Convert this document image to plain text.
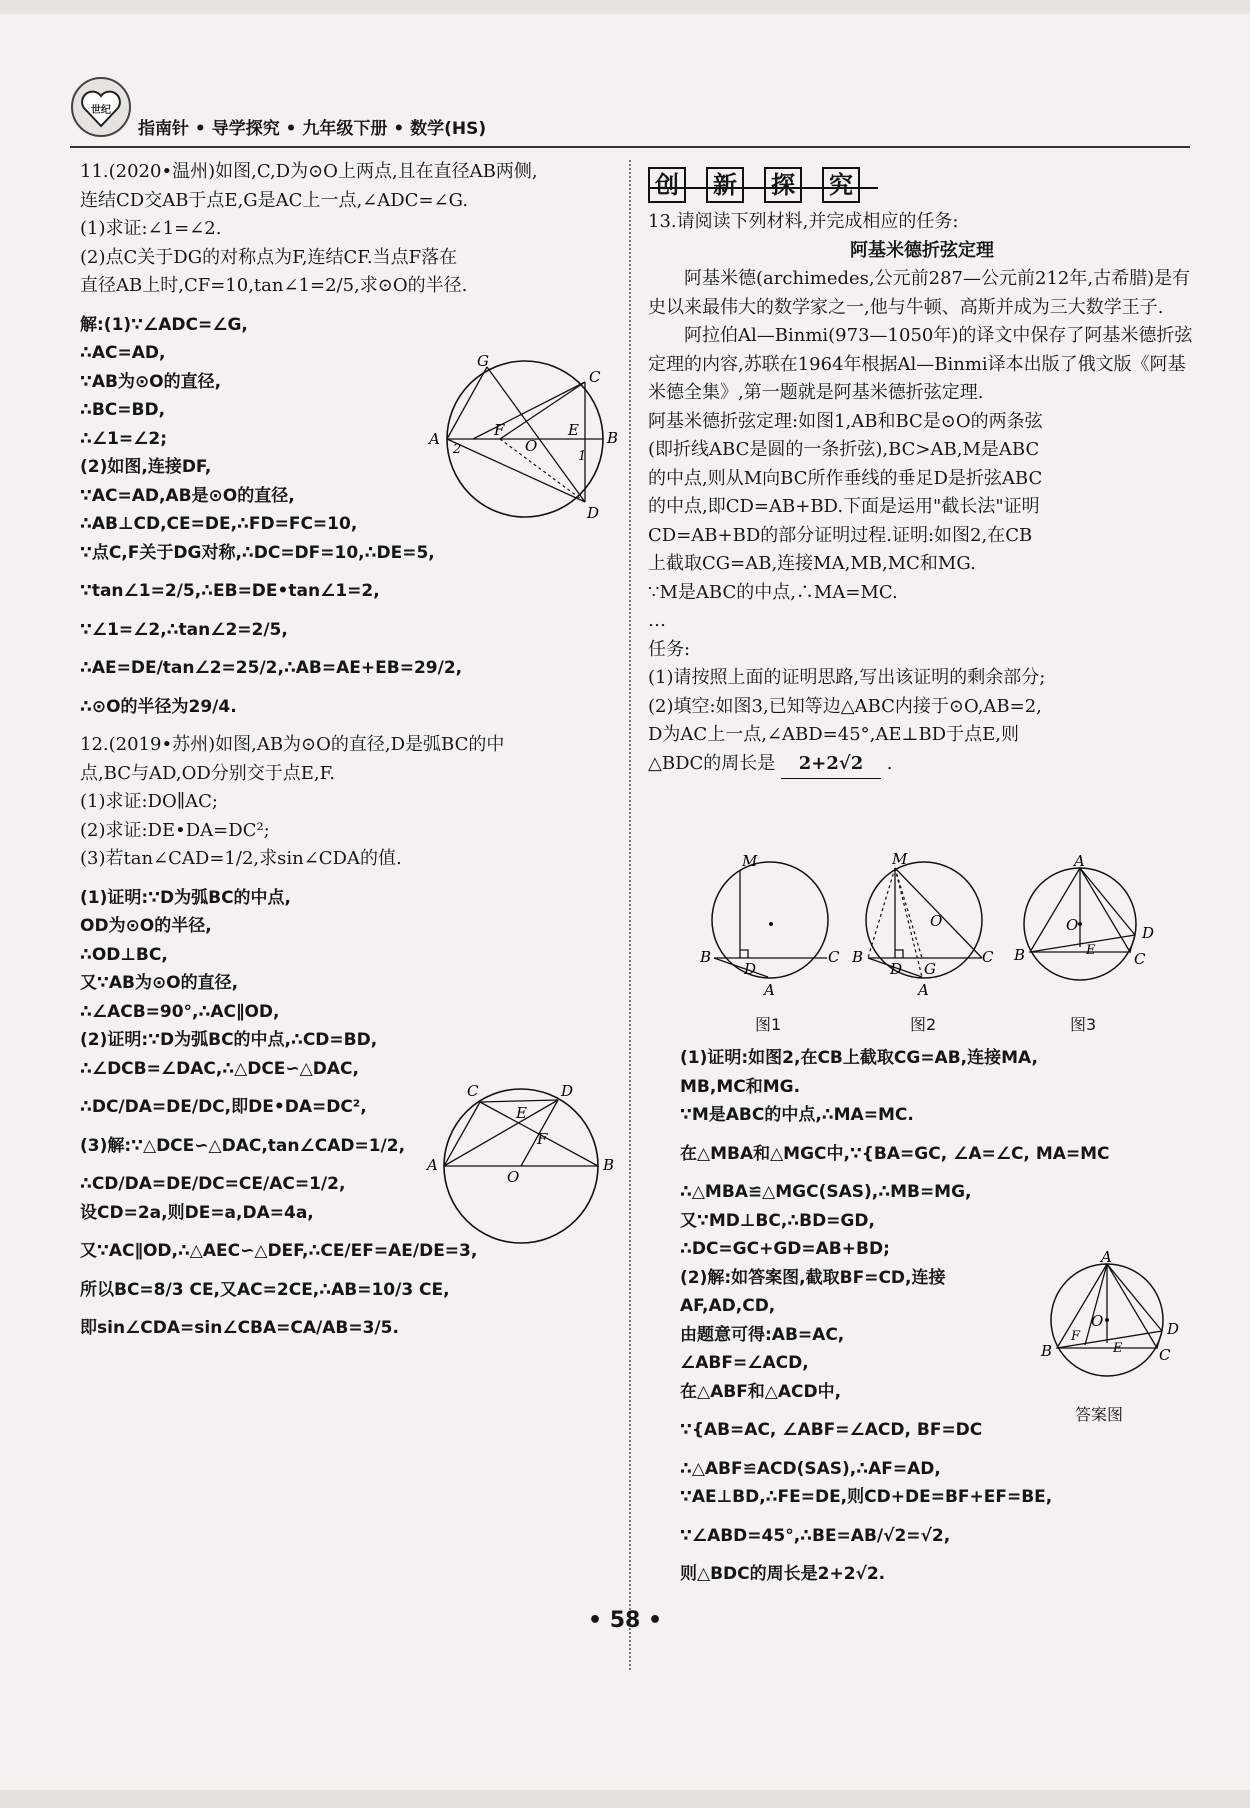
世纪
指南针 • 导学探究 • 九年级下册 • 数学(HS)
11.(2020•温州)如图,C,D为⊙O上两点,且在直径AB两侧,
连结CD交AB于点E,G是AC上一点,∠ADC=∠G.
(1)求证:∠1=∠2.
(2)点C关于DG的对称点为F,连结CF.当点F落在
直径AB上时,CF=10,tan∠1=2/5,求⊙O的半径.
解:(1)∵∠ADC=∠G,
∴AC=AD,
∵AB为⊙O的直径,
∴BC=BD,
∴∠1=∠2;
(2)如图,连接DF,
∵AC=AD,AB是⊙O的直径,
∴AB⊥CD,CE=DE,∴FD=FC=10,
∵点C,F关于DG对称,∴DC=DF=10,∴DE=5,
∵tan∠1=2/5,∴EB=DE•tan∠1=2,
∵∠1=∠2,∴tan∠2=2/5,
∴AE=DE/tan∠2=25/2,∴AB=AE+EB=29/2,
∴⊙O的半径为29/4.
12.(2019•苏州)如图,AB为⊙O的直径,D是弧BC的中
点,BC与AD,OD分别交于点E,F.
(1)求证:DO∥AC;
(2)求证:DE•DA=DC²;
(3)若tan∠CAD=1/2,求sin∠CDA的值.
(1)证明:∵D为弧BC的中点,
OD为⊙O的半径,
∴OD⊥BC,
又∵AB为⊙O的直径,
∴∠ACB=90°,∴AC∥OD,
(2)证明:∵D为弧BC的中点,∴CD=BD,
∴∠DCB=∠DAC,∴△DCE∽△DAC,
∴DC/DA=DE/DC,即DE•DA=DC²,
(3)解:∵△DCE∽△DAC,tan∠CAD=1/2,
∴CD/DA=DE/DC=CE/AC=1/2,
设CD=2a,则DE=a,DA=4a,
又∵AC∥OD,∴△AEC∽△DEF,∴CE/EF=AE/DE=3,
所以BC=8/3 CE,又AC=2CE,∴AB=10/3 CE,
即sin∠CDA=sin∠CBA=CA/AB=3/5.
G
C
A	F
O
E B
2	1
D
C	D
E
F
A
O
B
创 新 探 究
13.请阅读下列材料,并完成相应的任务:
阿基米德折弦定理
阿基米德(archimedes,公元前287—公元前212年,古希腊)是有史以来最伟大的数学家之一,他与牛顿、高斯并成为三大数学王子.
阿拉伯Al—Binmi(973—1050年)的译文中保存了阿基米德折弦定理的内容,苏联在1964年根据Al—Binmi译本出版了俄文版《阿基米德全集》,第一题就是阿基米德折弦定理.
阿基米德折弦定理:如图1,AB和BC是⊙O的两条弦
(即折线ABC是圆的一条折弦),BC>AB,M是ABC
的中点,则从M向BC所作垂线的垂足D是折弦ABC
的中点,即CD=AB+BD.下面是运用"截长法"证明
CD=AB+BD的部分证明过程.证明:如图2,在CB
上截取CG=AB,连接MA,MB,MC和MG.
∵M是ABC的中点,∴MA=MC.
…
任务:
(1)请按照上面的证明思路,写出该证明的剩余部分;
(2)填空:如图3,已知等边△ABC内接于⊙O,AB=2,
D为AC上一点,∠ABD=45°,AE⊥BD于点E,则
△BDC的周长是 2+2√2 .
M
B
D
C
A
M
O
B
D G
C
A
A
O	D
E
B	C
图1	图2	图3
(1)证明:如图2,在CB上截取CG=AB,连接MA,
MB,MC和MG.
∵M是ABC的中点,∴MA=MC.
在△MBA和△MGC中,∵{BA=GC, ∠A=∠C, MA=MC
∴△MBA≌△MGC(SAS),∴MB=MG,
又∵MD⊥BC,∴BD=GD,
∴DC=GC+GD=AB+BD;
(2)解:如答案图,截取BF=CD,连接
AF,AD,CD,
由题意可得:AB=AC,
∠ABF=∠ACD,
在△ABF和△ACD中,
∵{AB=AC, ∠ABF=∠ACD, BF=DC
∴△ABF≌ACD(SAS),∴AF=AD,
∵AE⊥BD,∴FE=DE,则CD+DE=BF+EF=BE,
∵∠ABD=45°,∴BE=AB/√2=√2,
则△BDC的周长是2+2√2.
A
O
F
E
D
B	C
答案图
• 58 •
